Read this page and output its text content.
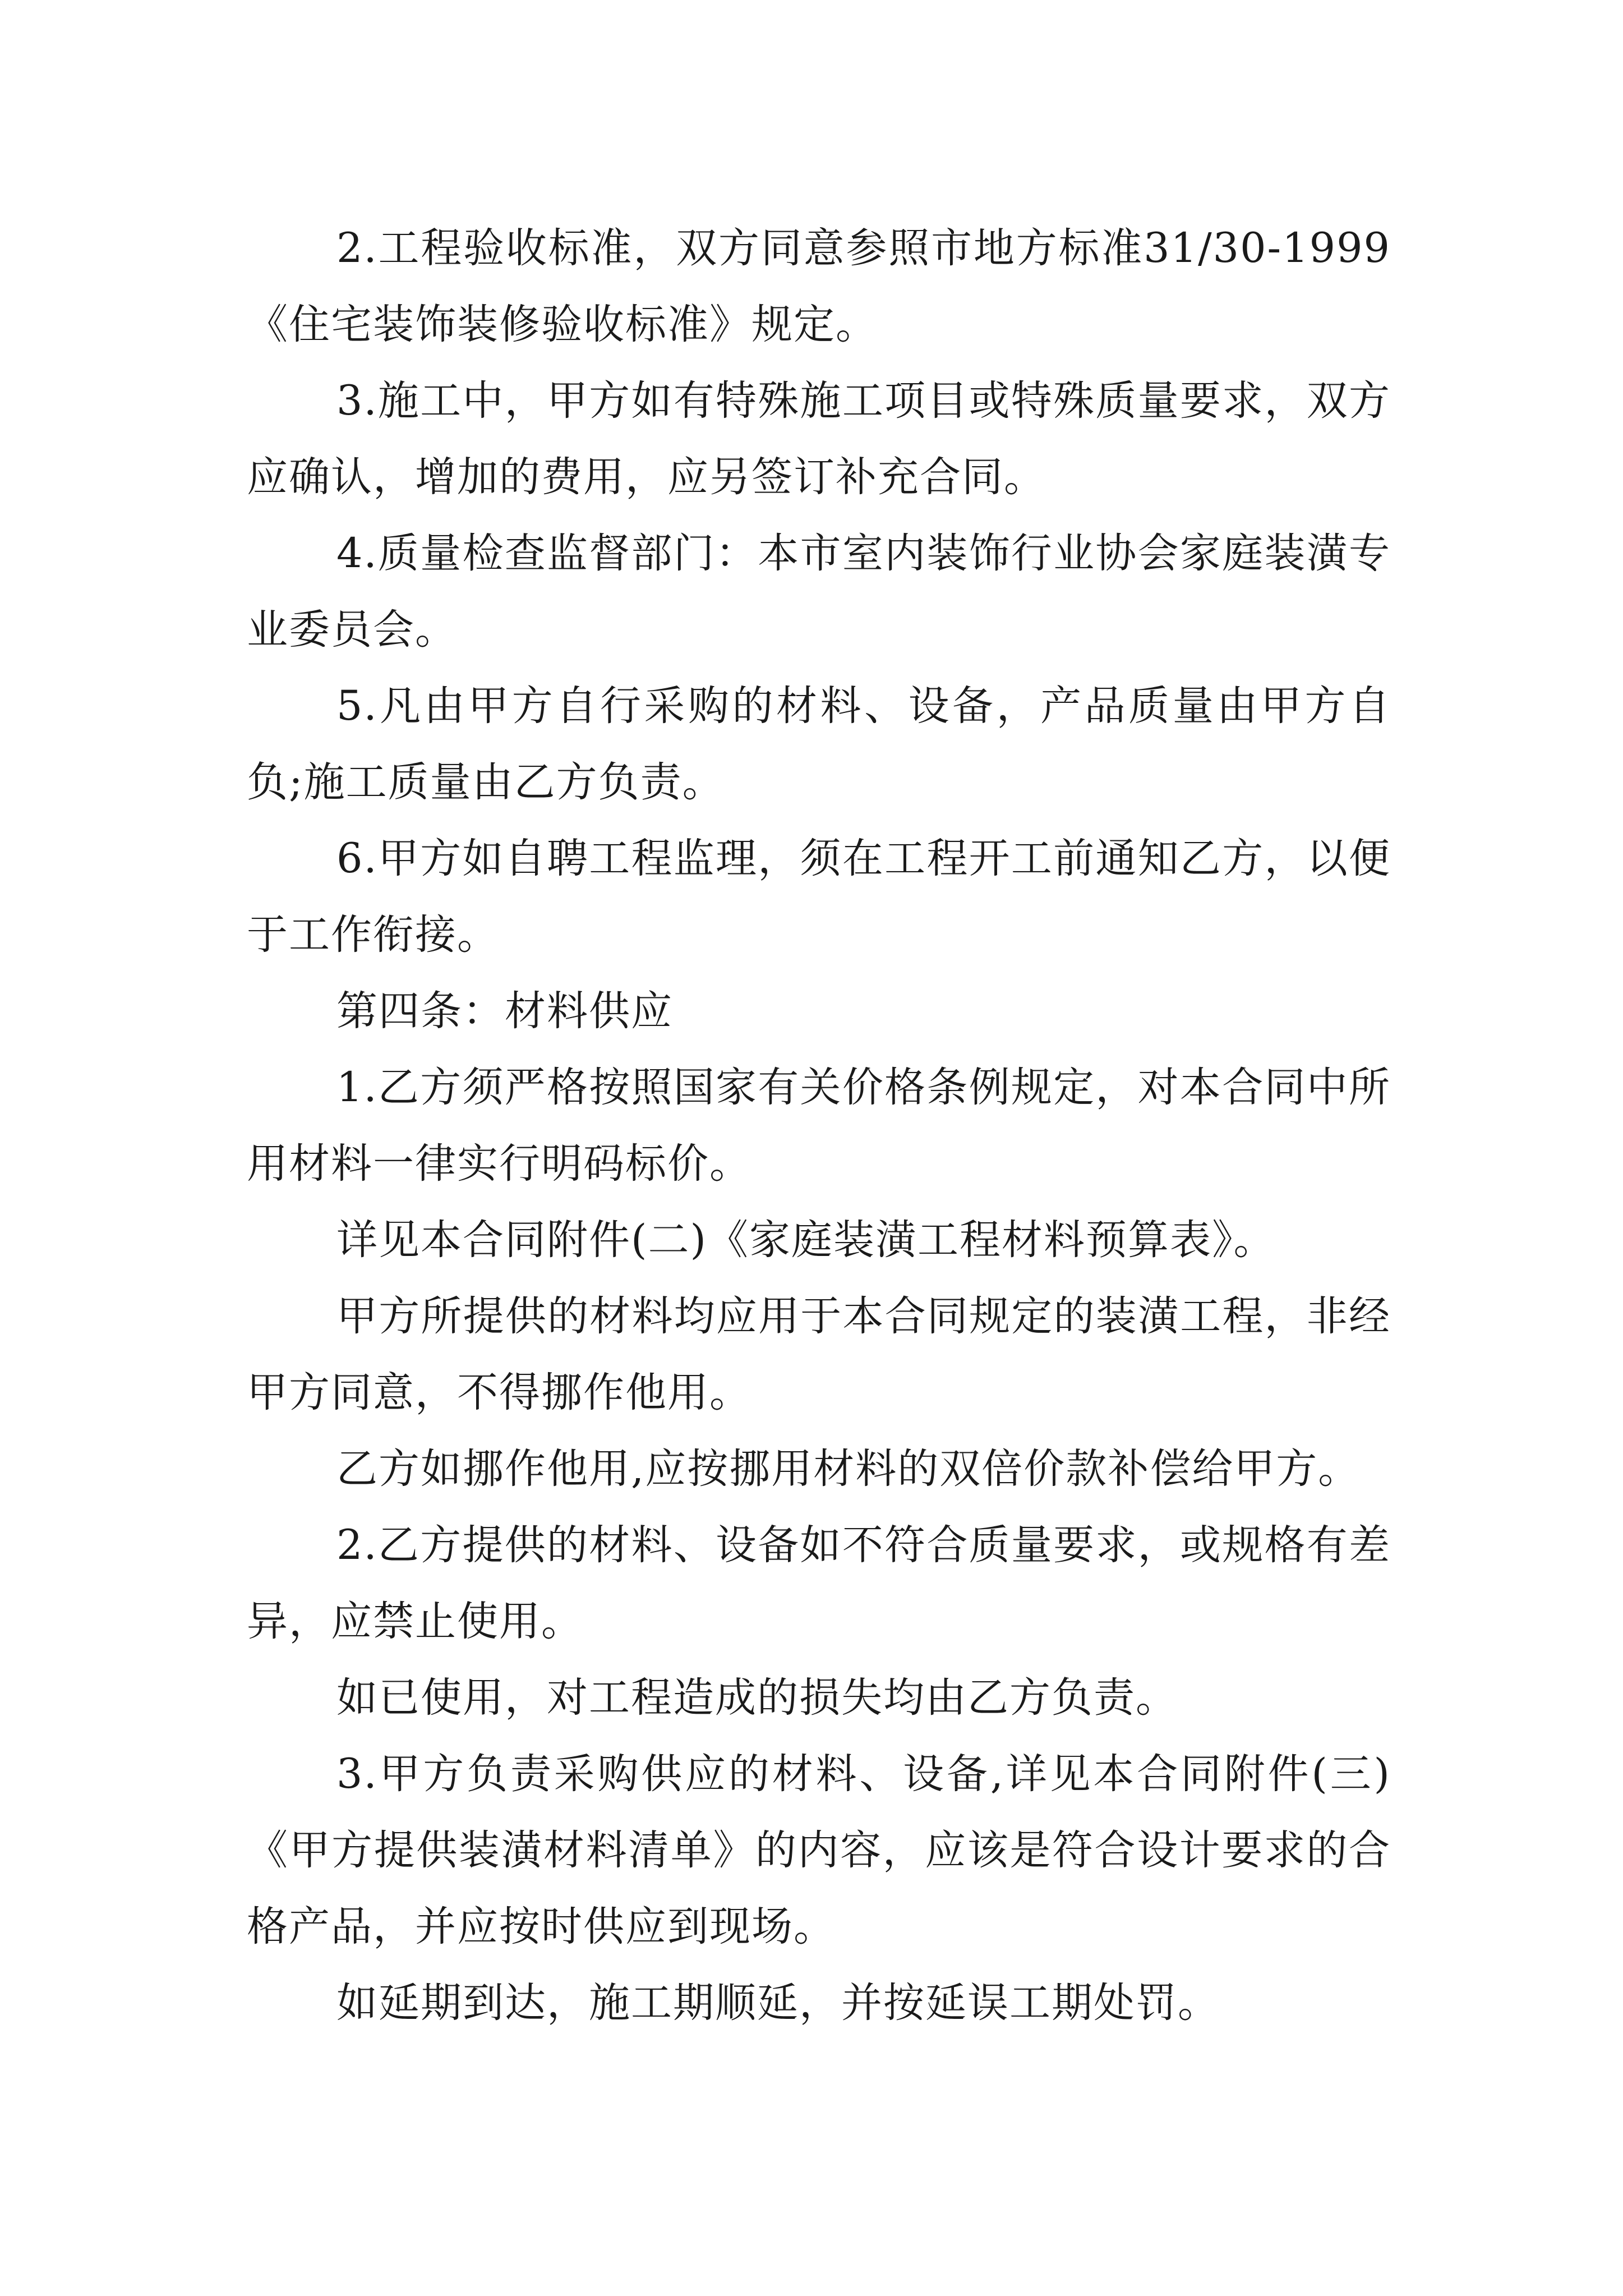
2.工程验收标准，双方同意参照市地方标准31/30-1999《住宅装饰装修验收标准》规定。

3.施工中，甲方如有特殊施工项目或特殊质量要求，双方应确认，增加的费用，应另签订补充合同。

4.质量检查监督部门：本市室内装饰行业协会家庭装潢专业委员会。

5.凡由甲方自行采购的材料、设备，产品质量由甲方自负;施工质量由乙方负责。

6.甲方如自聘工程监理，须在工程开工前通知乙方，以便于工作衔接。

第四条：材料供应

1.乙方须严格按照国家有关价格条例规定，对本合同中所用材料一律实行明码标价。

详见本合同附件(二)《家庭装潢工程材料预算表》。

甲方所提供的材料均应用于本合同规定的装潢工程，非经甲方同意，不得挪作他用。

乙方如挪作他用,应按挪用材料的双倍价款补偿给甲方。

2.乙方提供的材料、设备如不符合质量要求，或规格有差异，应禁止使用。

如已使用，对工程造成的损失均由乙方负责。

3.甲方负责采购供应的材料、设备,详见本合同附件(三)《甲方提供装潢材料清单》的内容，应该是符合设计要求的合格产品，并应按时供应到现场。

如延期到达，施工期顺延，并按延误工期处罚。
